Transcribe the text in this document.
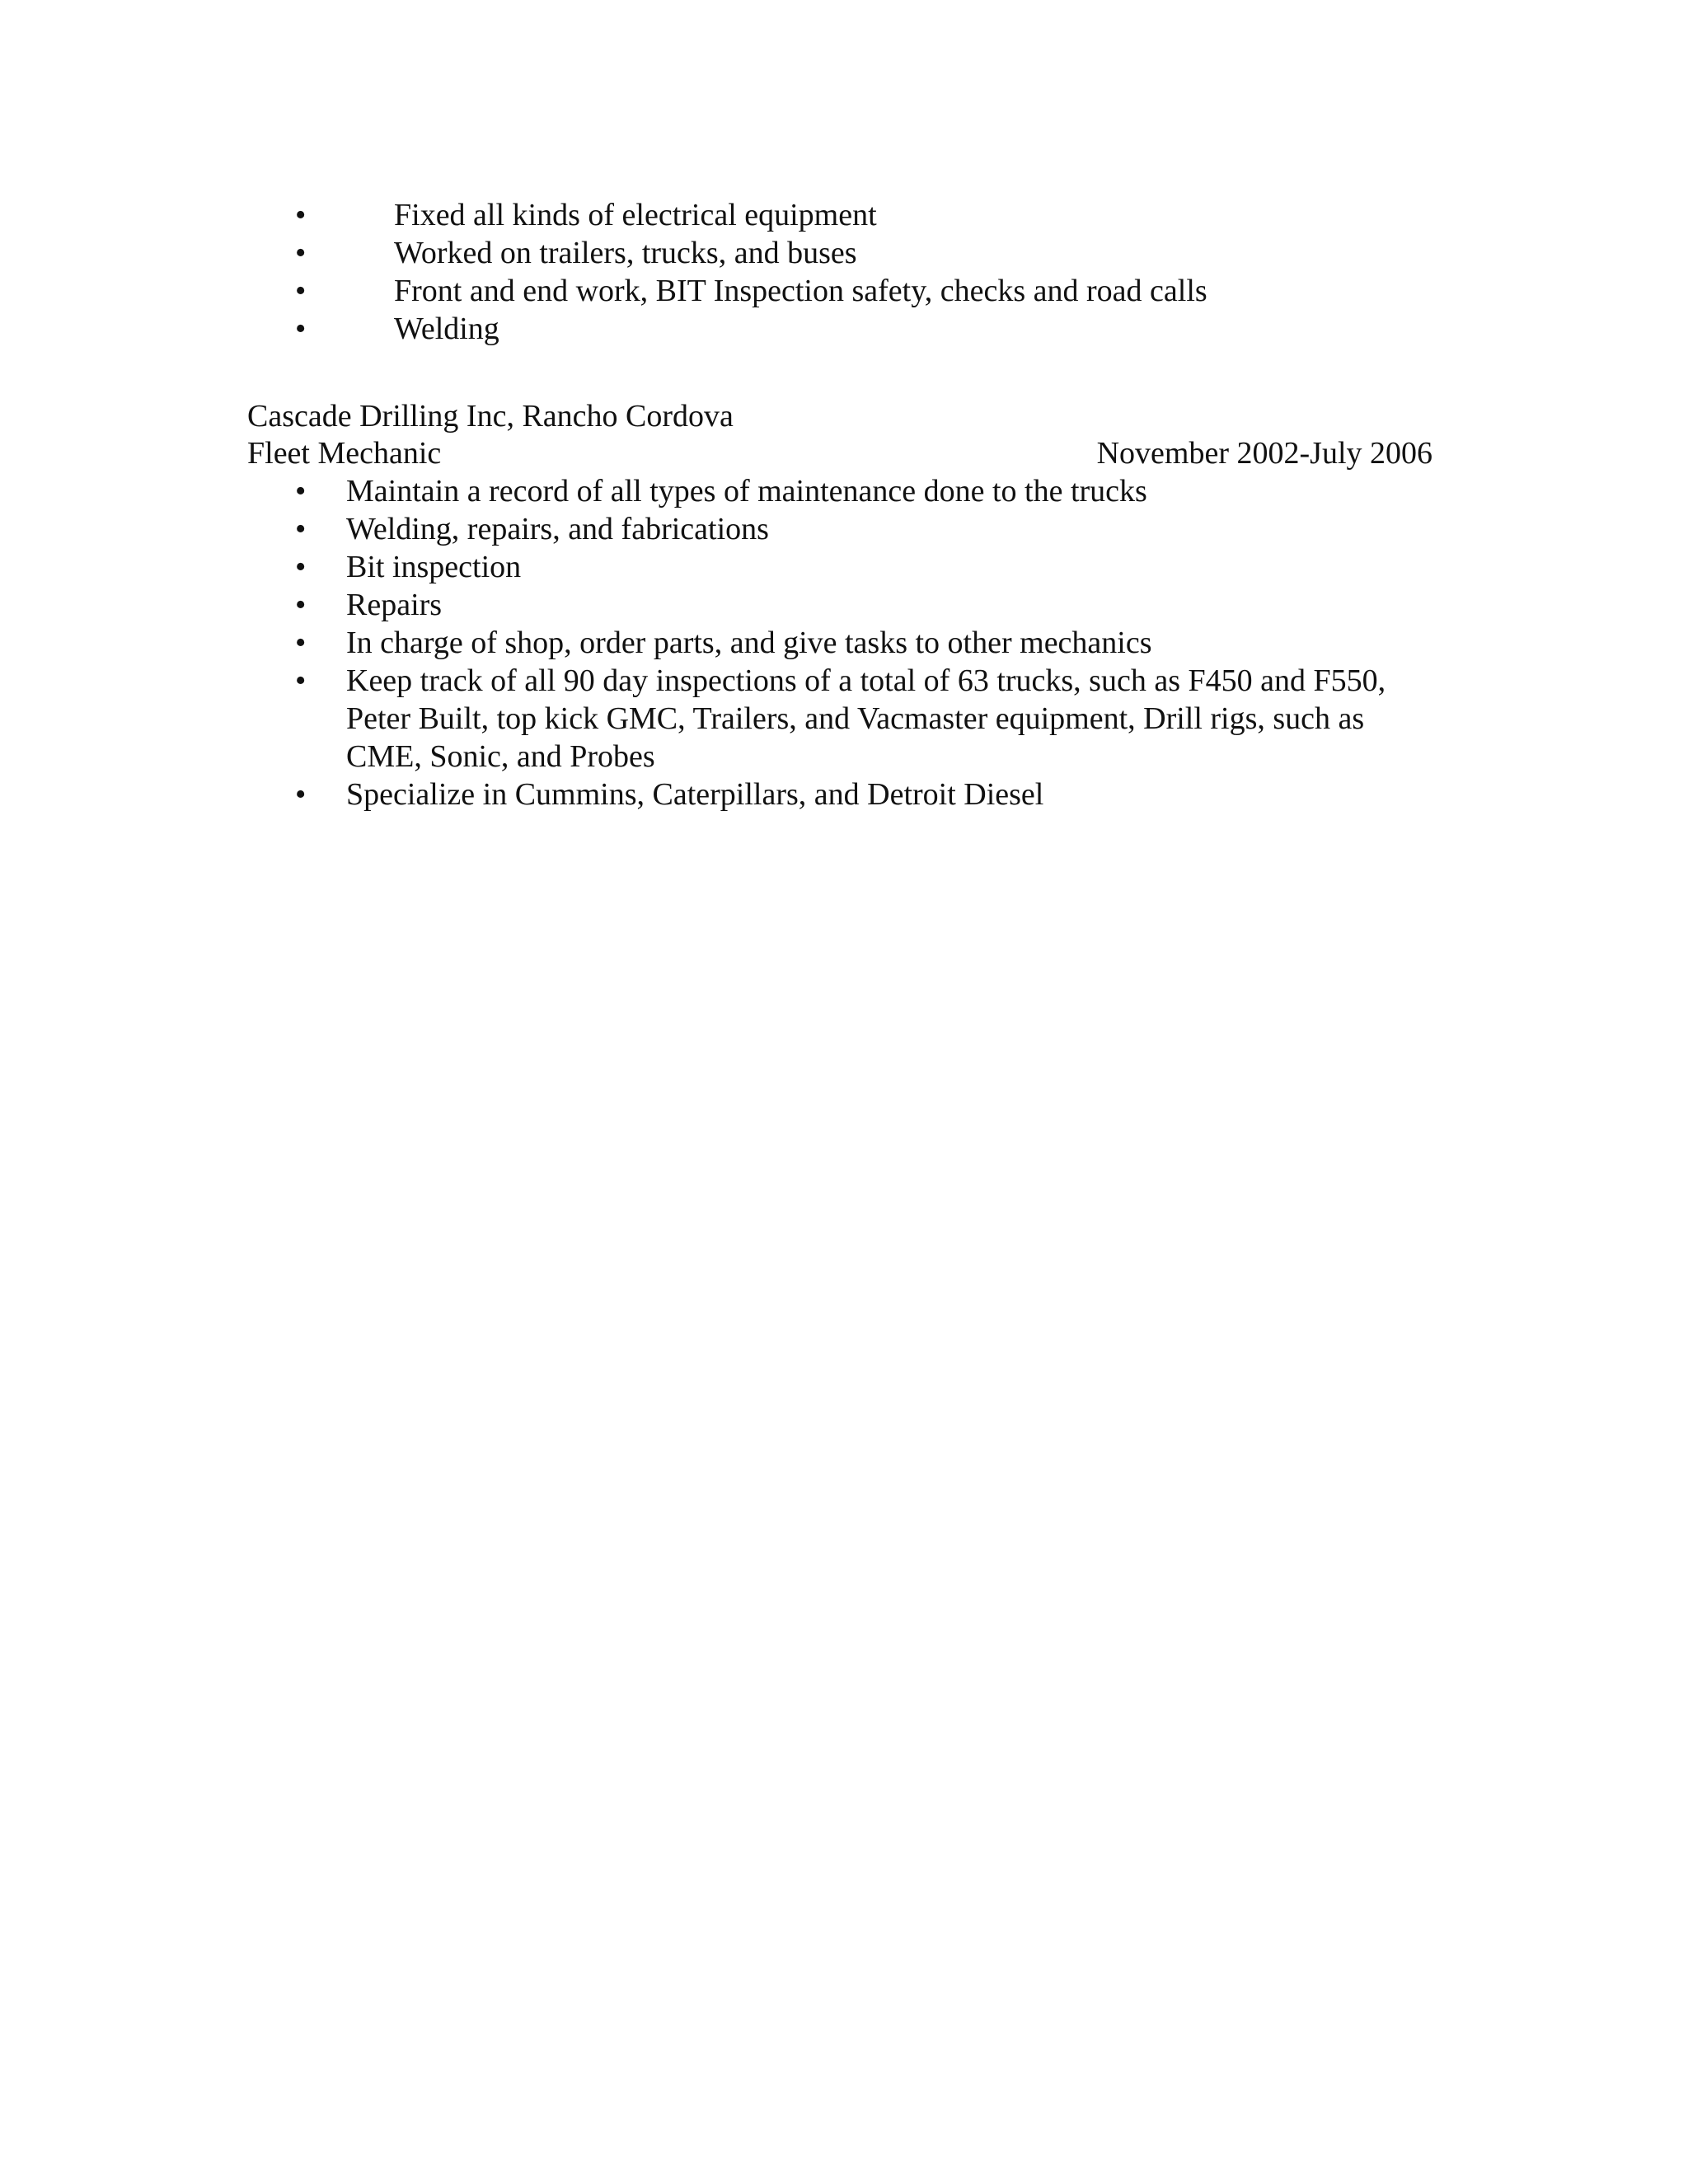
•	Fixed all kinds of electrical equipment
•	Worked on trailers, trucks, and buses
•	Front and end work, BIT Inspection safety, checks and road calls
•	Welding
Cascade Drilling Inc, Rancho Cordova
Fleet Mechanic	November 2002-July 2006
• Maintain a record of all types of maintenance done to the trucks
• Welding, repairs, and fabrications
• Bit inspection
• Repairs
• In charge of shop, order parts, and give tasks to other mechanics
• Keep track of all 90 day inspections of a total of 63 trucks, such as F450 and F550, Peter Built, top kick GMC, Trailers, and Vacmaster equipment, Drill rigs, such as CME, Sonic, and Probes
• Specialize in Cummins, Caterpillars, and Detroit Diesel
